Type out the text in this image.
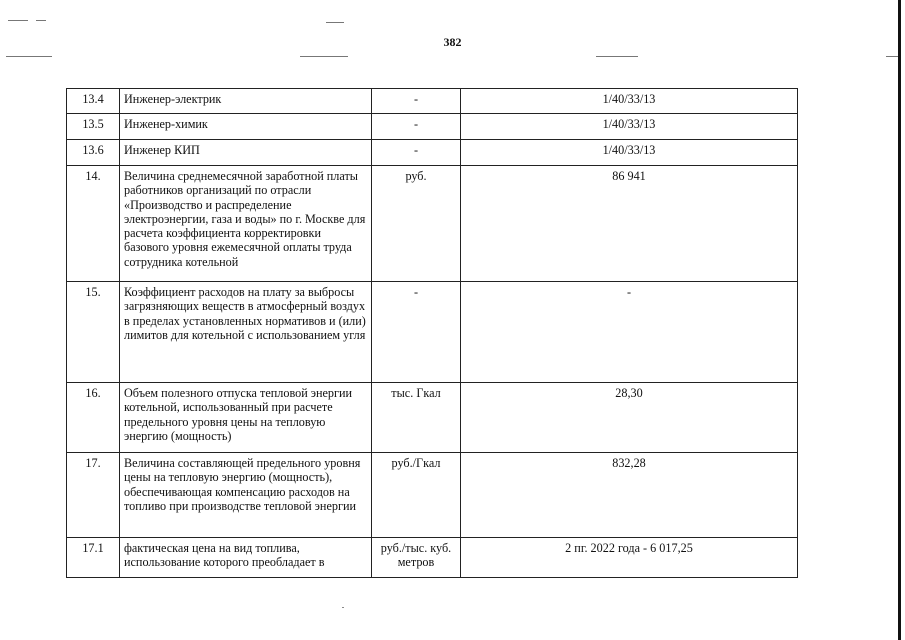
382
13.4	Инженер-электрик	-	1/40/33/13
13.5	Инженер-химик	-	1/40/33/13
13.6	Инженер КИП	-	1/40/33/13
14.	Величина среднемесячной заработной платы работников организаций по отрасли «Производство и распределение электроэнергии, газа и воды» по г. Москве для расчета коэффициента корректировки базового уровня ежемесячной оплаты труда сотрудника котельной	руб.	86 941
15.	Коэффициент расходов на плату за выбросы загрязняющих веществ в атмосферный воздух в пределах установленных нормативов и (или) лимитов для котельной с использованием угля	-	-
16.	Объем полезного отпуска тепловой энергии котельной, использованный при расчете предельного уровня цены на тепловую энергию (мощность)	тыс. Гкал	28,30
17.	Величина составляющей предельного уровня цены на тепловую энергию (мощность), обеспечивающая компенсацию расходов на топливо при производстве тепловой энергии	руб./Гкал	832,28
17.1	фактическая цена на вид топлива, использование которого преобладает в	руб./тыс. куб. метров	2 пг. 2022 года - 6 017,25
